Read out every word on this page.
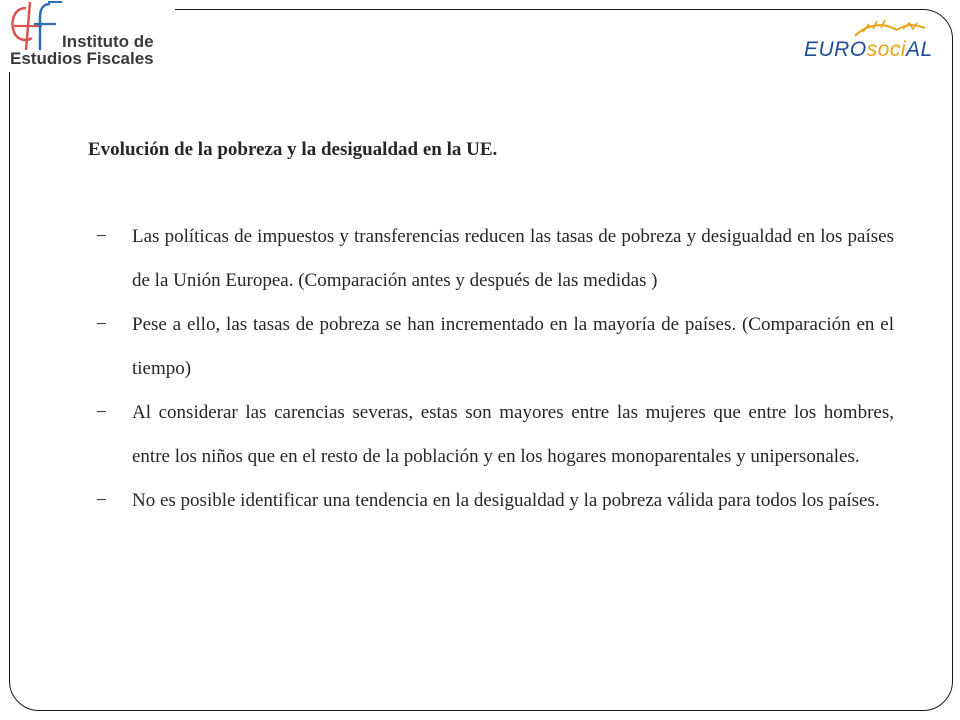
Instituto de
Estudios Fiscales	EUROsociAL
Evolución de la pobreza y la desigualdad en la UE.
− Las políticas de impuestos y transferencias reducen las tasas de pobreza y desigualdad en los países de la Unión Europea. (Comparación antes y después de las medidas )
− Pese a ello, las tasas de pobreza se han incrementado en la mayoría de países. (Comparación en el tiempo)
− Al considerar las carencias severas, estas son mayores entre las mujeres que entre los hombres, entre los niños que en el resto de la población y en los hogares monoparentales y unipersonales.
− No es posible identificar una tendencia en la desigualdad y la pobreza válida para todos los países.
